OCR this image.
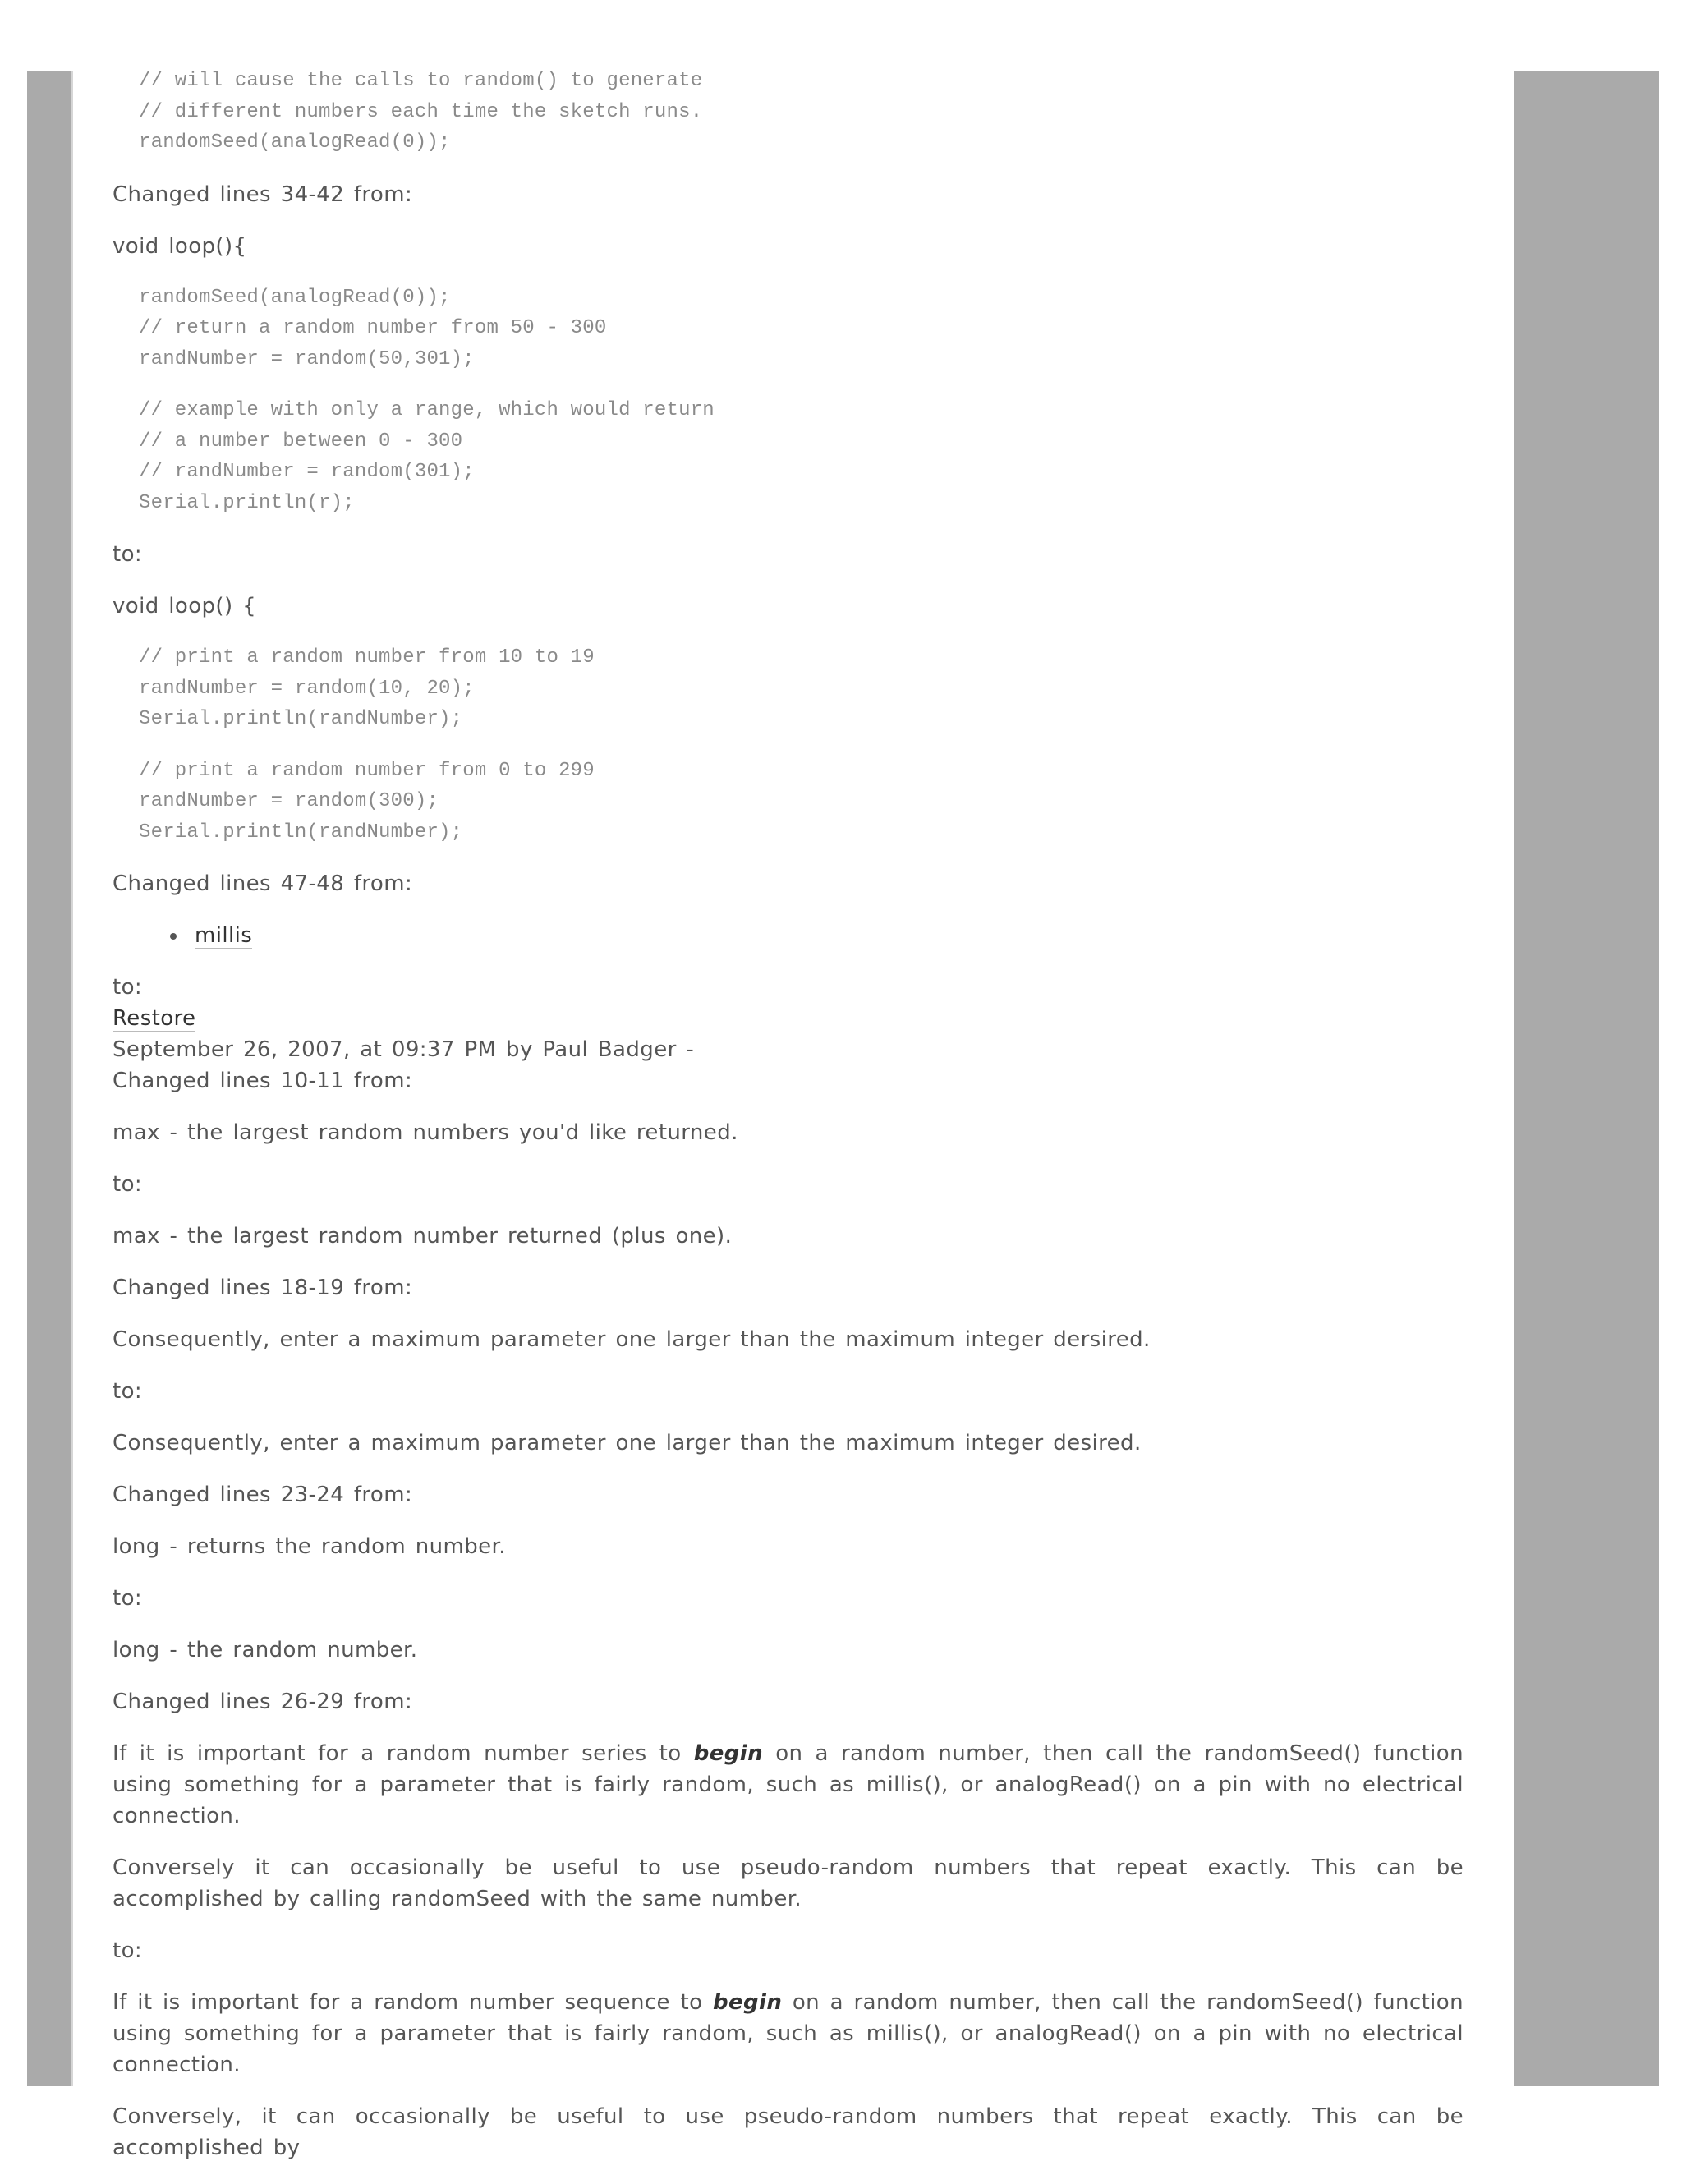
// will cause the calls to random() to generate
// different numbers each time the sketch runs.
randomSeed(analogRead(0));
Changed lines 34-42 from:
void loop(){
randomSeed(analogRead(0));
// return a random number from 50 - 300
randNumber = random(50,301);
// example with only a range, which would return
// a number between 0 - 300
// randNumber = random(301);
Serial.println(r);
to:
void loop() {
// print a random number from 10 to 19
randNumber = random(10, 20);
Serial.println(randNumber);
// print a random number from 0 to 299
randNumber = random(300);
Serial.println(randNumber);
Changed lines 47-48 from:
millis
to:
Restore
September 26, 2007, at 09:37 PM by Paul Badger -
Changed lines 10-11 from:
max - the largest random numbers you'd like returned.
to:
max - the largest random number returned (plus one).
Changed lines 18-19 from:
Consequently, enter a maximum parameter one larger than the maximum integer dersired.
to:
Consequently, enter a maximum parameter one larger than the maximum integer desired.
Changed lines 23-24 from:
long - returns the random number.
to:
long - the random number.
Changed lines 26-29 from:
If it is important for a random number series to begin on a random number, then call the randomSeed() function using something for a parameter that is fairly random, such as millis(), or analogRead() on a pin with no electrical connection.
Conversely it can occasionally be useful to use pseudo-random numbers that repeat exactly. This can be accomplished by calling randomSeed with the same number.
to:
If it is important for a random number sequence to begin on a random number, then call the randomSeed() function using something for a parameter that is fairly random, such as millis(), or analogRead() on a pin with no electrical connection.
Conversely, it can occasionally be useful to use pseudo-random numbers that repeat exactly. This can be accomplished by
